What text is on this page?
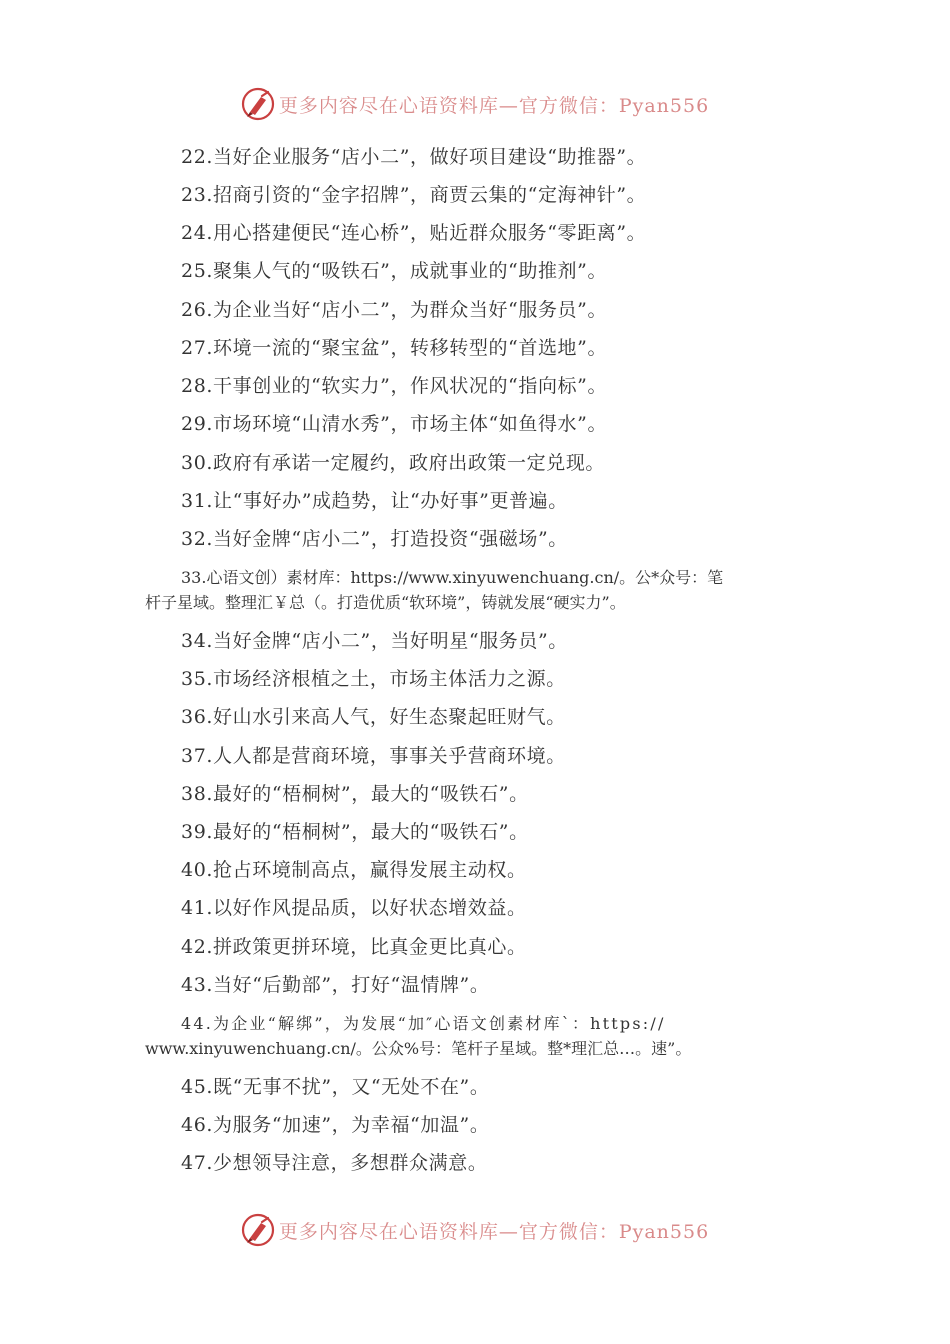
更多内容尽在心语资料库—官方微信：Pyan556
22.当好企业服务“店小二”，做好项目建设“助推器”。
23.招商引资的“金字招牌”，商贾云集的“定海神针”。
24.用心搭建便民“连心桥”，贴近群众服务“零距离”。
25.聚集人气的“吸铁石”，成就事业的“助推剂”。
26.为企业当好“店小二”，为群众当好“服务员”。
27.环境一流的“聚宝盆”，转移转型的“首选地”。
28.干事创业的“软实力”，作风状况的“指向标”。
29.市场环境“山清水秀”，市场主体“如鱼得水”。
30.政府有承诺一定履约，政府出政策一定兑现。
31.让“事好办”成趋势，让“办好事”更普遍。
32.当好金牌“店小二”，打造投资“强磁场”。
33.心语文创）素材库：https://www.xinyuwenchuang.cn/。公*众号：笔
杆子星域。整理汇￥总（。打造优质“软环境”，铸就发展“硬实力”。
34.当好金牌“店小二”，当好明星“服务员”。
35.市场经济根植之土，市场主体活力之源。
36.好山水引来高人气，好生态聚起旺财气。
37.人人都是营商环境，事事关乎营商环境。
38.最好的“梧桐树”，最大的“吸铁石”。
39.最好的“梧桐树”，最大的“吸铁石”。
40.抢占环境制高点，赢得发展主动权。
41.以好作风提品质，以好状态增效益。
42.拼政策更拼环境，比真金更比真心。
43.当好“后勤部”，打好“温情牌”。
44.为企业“解绑”，为发展“加″心语文创素材库`：https://
www.xinyuwenchuang.cn/。公众%号：笔杆子星域。整*理汇总…。速”。
45.既“无事不扰”，又“无处不在”。
46.为服务“加速”，为幸福“加温”。
47.少想领导注意，多想群众满意。
更多内容尽在心语资料库—官方微信：Pyan556
